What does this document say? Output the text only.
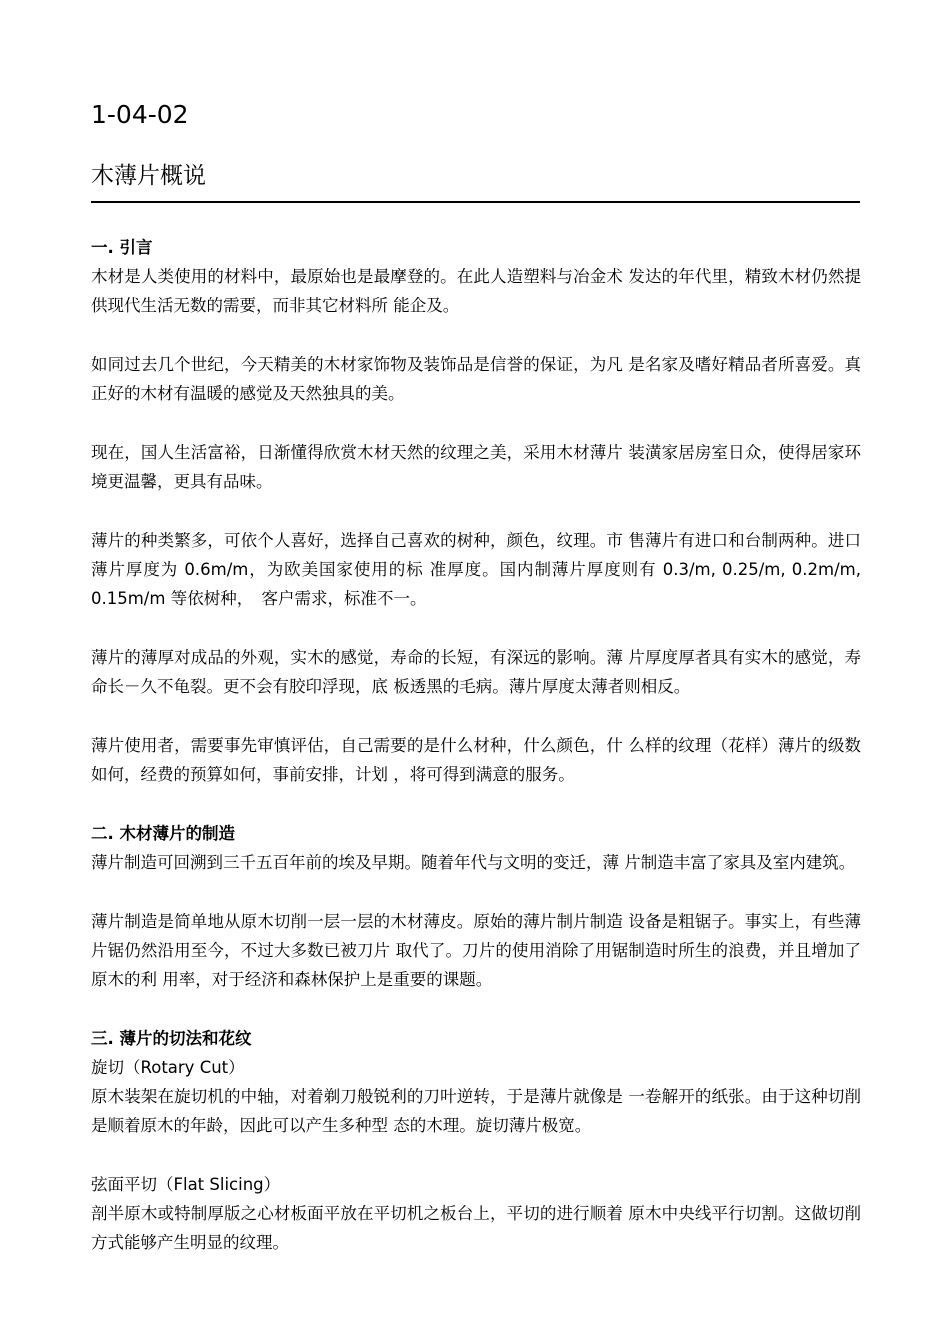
1-04-02
木薄片概说
一. 引言

木材是人类使用的材料中，最原始也是最摩登的。在此人造塑料与冶金术 发达的年代里，精致木材仍然提供现代生活无数的需要，而非其它材料所 能企及。

如同过去几个世纪，今天精美的木材家饰物及装饰品是信誉的保证，为凡 是名家及嗜好精品者所喜爱。真正好的木材有温暖的感觉及天然独具的美。

现在，国人生活富裕，日渐懂得欣赏木材天然的纹理之美，采用木材薄片 装潢家居房室日众，使得居家环境更温馨，更具有品味。

薄片的种类繁多，可依个人喜好，选择自己喜欢的树种，颜色，纹理。市 售薄片有进口和台制两种。进口薄片厚度为 0.6m/m，为欧美国家使用的标 准厚度。国内制薄片厚度则有 0.3/m, 0.25/m, 0.2m/m, 0.15m/m 等依树种，　客户需求，标准不一。

薄片的薄厚对成品的外观，实木的感觉，寿命的长短，有深远的影响。薄 片厚度厚者具有实木的感觉，寿命长－久不龟裂。更不会有胶印浮现，底 板透黑的毛病。薄片厚度太薄者则相反。

薄片使用者，需要事先审慎评估，自己需要的是什么材种，什么颜色，什 么样的纹理（花样）薄片的级数如何，经费的预算如何，事前安排，计划 ，将可得到满意的服务。

二. 木材薄片的制造

薄片制造可回溯到三千五百年前的埃及早期。随着年代与文明的变迁，薄 片制造丰富了家具及室内建筑。

薄片制造是简单地从原木切削一层一层的木材薄皮。原始的薄片制片制造 设备是粗锯子。事实上，有些薄片锯仍然沿用至今，不过大多数已被刀片 取代了。刀片的使用消除了用锯制造时所生的浪费，并且增加了原木的利 用率，对于经济和森林保护上是重要的课题。

三. 薄片的切法和花纹

旋切（Rotary Cut）

原木装架在旋切机的中轴，对着剃刀般锐利的刀叶逆转，于是薄片就像是 一卷解开的纸张。由于这种切削是顺着原木的年龄，因此可以产生多种型 态的木理。旋切薄片极宽。

弦面平切（Flat Slicing）

剖半原木或特制厚版之心材板面平放在平切机之板台上，平切的进行顺着 原木中央线平行切割。这做切削方式能够产生明显的纹理。
